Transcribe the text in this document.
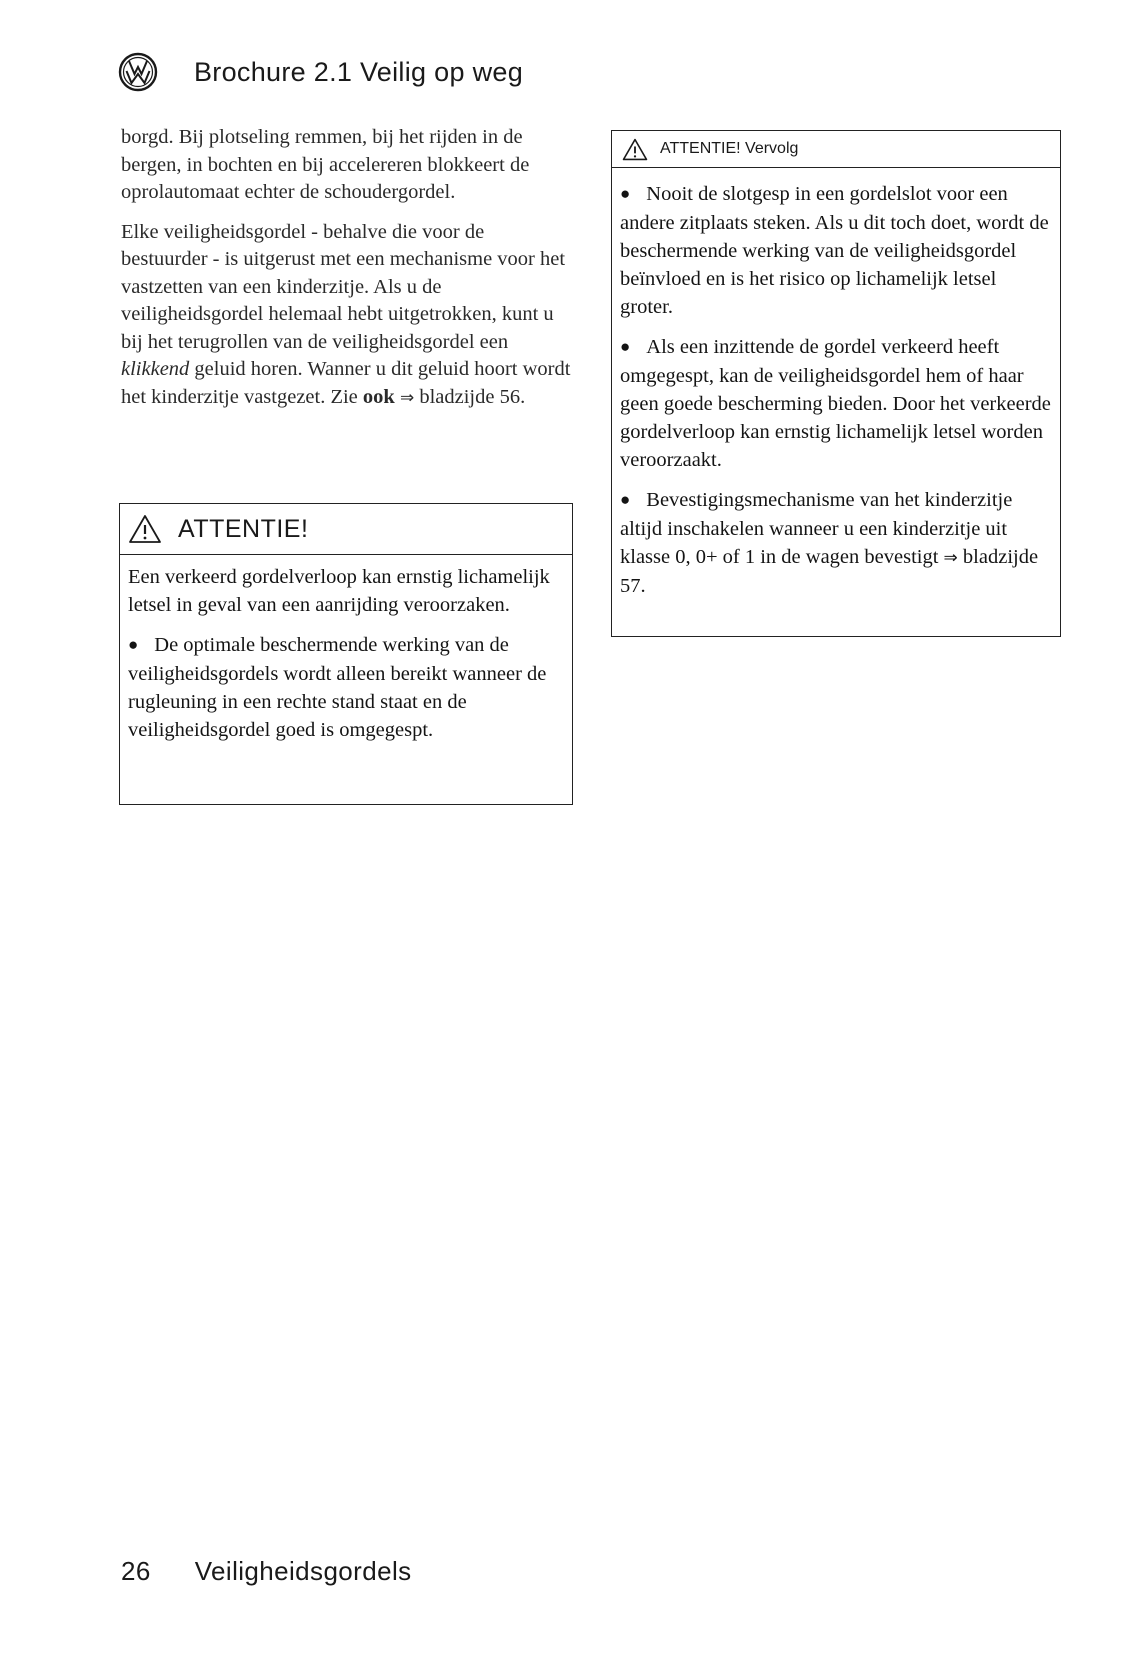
Brochure 2.1 Veilig op weg

borgd. Bij plotseling remmen, bij het rijden in de bergen, in bochten en bij accelereren blokkeert de oprolautomaat echter de schoudergordel.

Elke veiligheidsgordel - behalve die voor de bestuurder - is uitgerust met een mechanisme voor het vastzetten van een kinderzitje. Als u de veiligheidsgordel helemaal hebt uitgetrokken, kunt u bij het terugrollen van de veiligheidsgordel een klikkend geluid horen. Wanner u dit geluid hoort wordt het kinderzitje vastgezet. Zie ook ⇒ bladzijde 56.

ATTENTIE!

Een verkeerd gordelverloop kan ernstig lichamelijk letsel in geval van een aanrijding veroorzaken.

● De optimale beschermende werking van de veiligheidsgordels wordt alleen bereikt wanneer de rugleuning in een rechte stand staat en de veiligheidsgordel goed is omgegespt.

ATTENTIE! Vervolg

● Nooit de slotgesp in een gordelslot voor een andere zitplaats steken. Als u dit toch doet, wordt de beschermende werking van de veiligheidsgordel beïnvloed en is het risico op lichamelijk letsel groter.

● Als een inzittende de gordel verkeerd heeft omgegespt, kan de veiligheidsgordel hem of haar geen goede bescherming bieden. Door het verkeerde gordelverloop kan ernstig lichamelijk letsel worden veroorzaakt.

● Bevestigingsmechanisme van het kinderzitje altijd inschakelen wanneer u een kinderzitje uit klasse 0, 0+ of 1 in de wagen bevestigt ⇒ bladzijde 57.

26 Veiligheidsgordels
